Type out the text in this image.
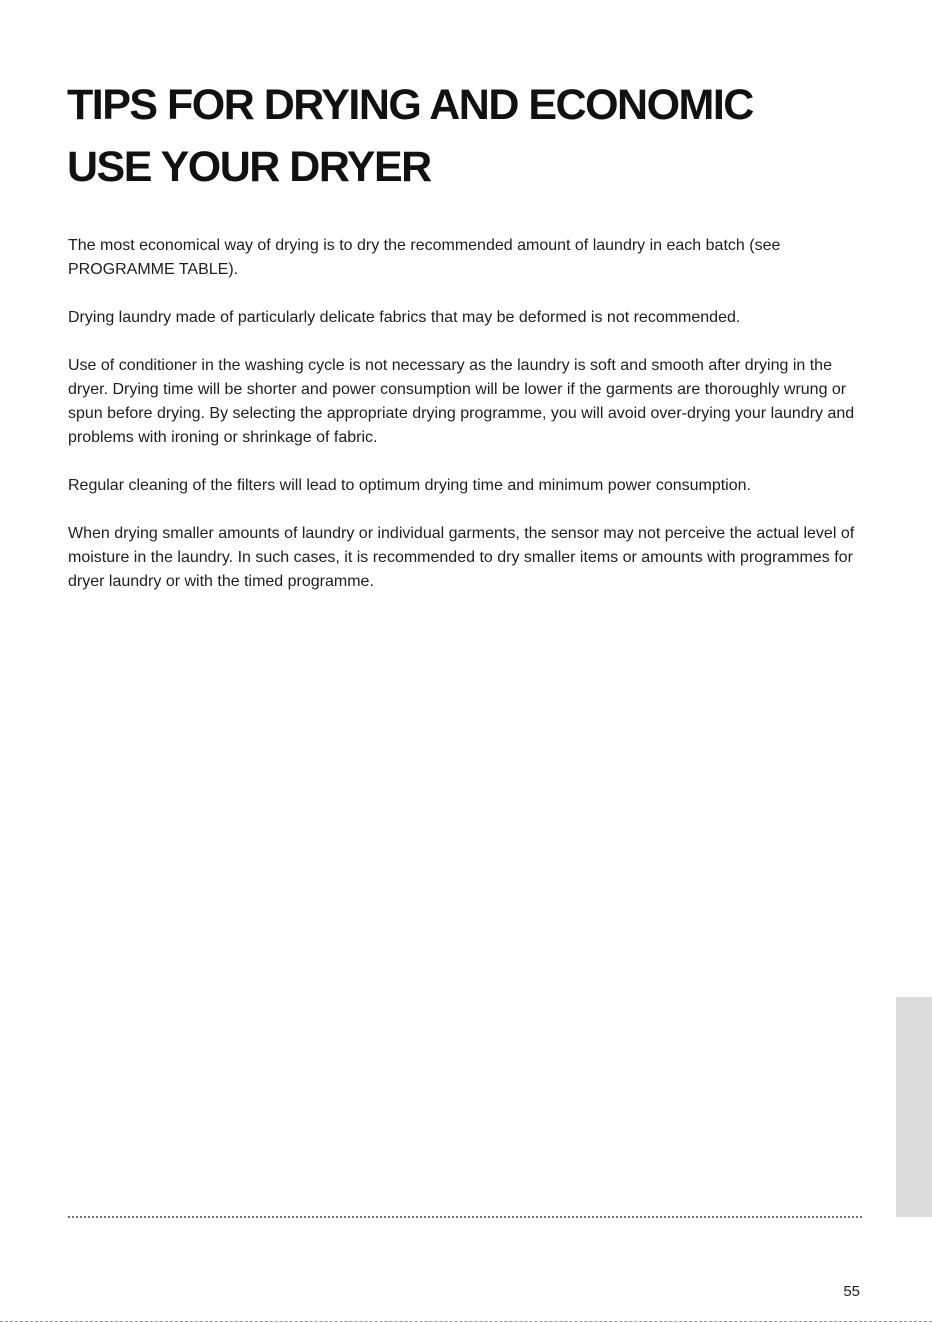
TIPS FOR DRYING AND ECONOMIC
USE YOUR DRYER

The most economical way of drying is to dry the recommended amount of laundry in each batch (see PROGRAMME TABLE).

Drying laundry made of particularly delicate fabrics that may be deformed is not recommended.

Use of conditioner in the washing cycle is not necessary as the laundry is soft and smooth after drying in the dryer. Drying time will be shorter and power consumption will be lower if the garments are thoroughly wrung or spun before drying. By selecting the appropriate drying programme, you will avoid over-drying your laundry and problems with ironing or shrinkage of fabric.

Regular cleaning of the filters will lead to optimum drying time and minimum power consumption.

When drying smaller amounts of laundry or individual garments, the sensor may not perceive the actual level of moisture in the laundry. In such cases, it is recommended to dry smaller items or amounts with programmes for dryer laundry or with the timed programme.

55
